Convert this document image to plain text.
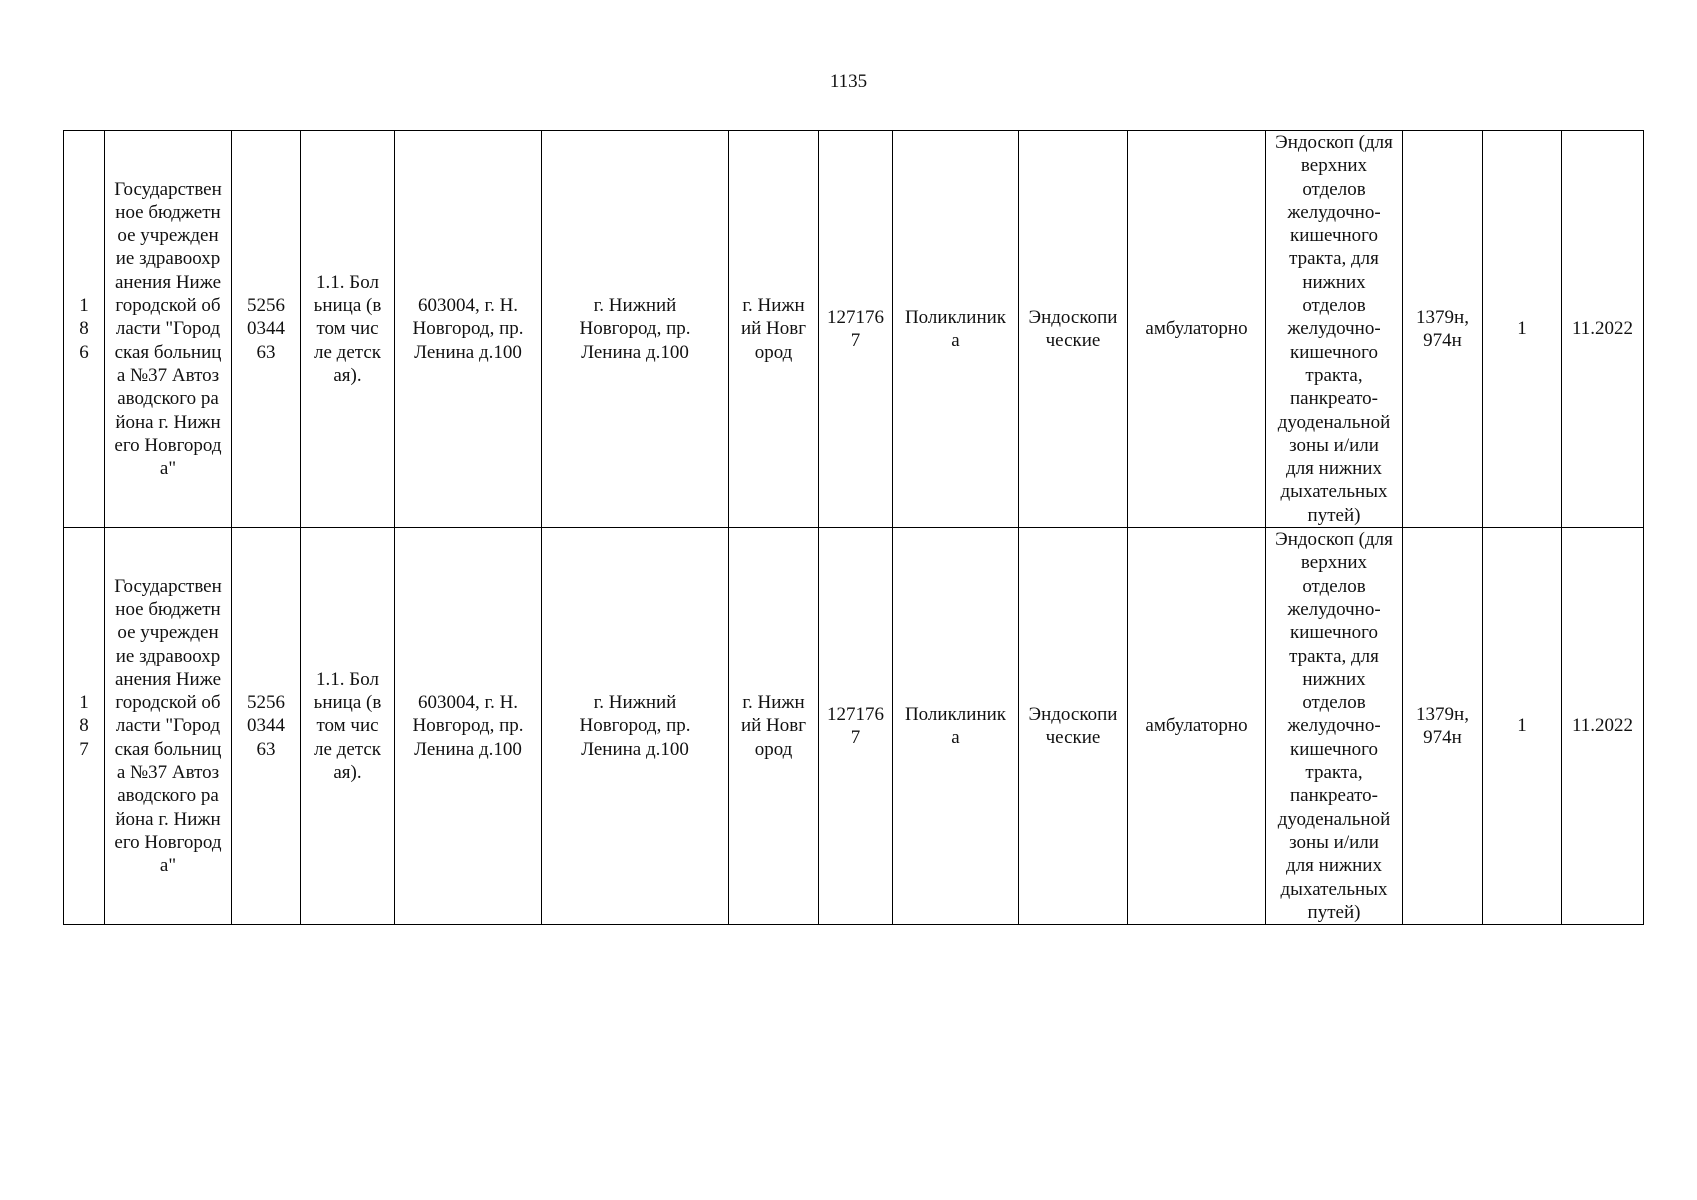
1135
186	Государственное бюджетное учреждение здравоохранения Нижегородской области "Городская больница №37 Автозаводского района г. Нижнего Новгорода"	5256034463	1.1. Больница (в том числе детская).	603004, г. Н. Новгород, пр. Ленина д.100	г. Нижний Новгород, пр. Ленина д.100	г. Нижний Новгород	1271767	Поликлиника	Эндоскопические	амбулаторно	Эндоскоп (для верхних отделов желудочно-кишечного тракта, для нижних отделов желудочно-кишечного тракта, панкреато-дуоденальной зоны и/или для нижних дыхательных путей)	1379н, 974н	1	11.2022

187	Государственное бюджетное учреждение здравоохранения Нижегородской области "Городская больница №37 Автозаводского района г. Нижнего Новгорода"	5256034463	1.1. Больница (в том числе детская).	603004, г. Н. Новгород, пр. Ленина д.100	г. Нижний Новгород, пр. Ленина д.100	г. Нижний Новгород	1271767	Поликлиника	Эндоскопические	амбулаторно	Эндоскоп (для верхних отделов желудочно-кишечного тракта, для нижних отделов желудочно-кишечного тракта, панкреато-дуоденальной зоны и/или для нижних дыхательных путей)	1379н, 974н	1	11.2022
